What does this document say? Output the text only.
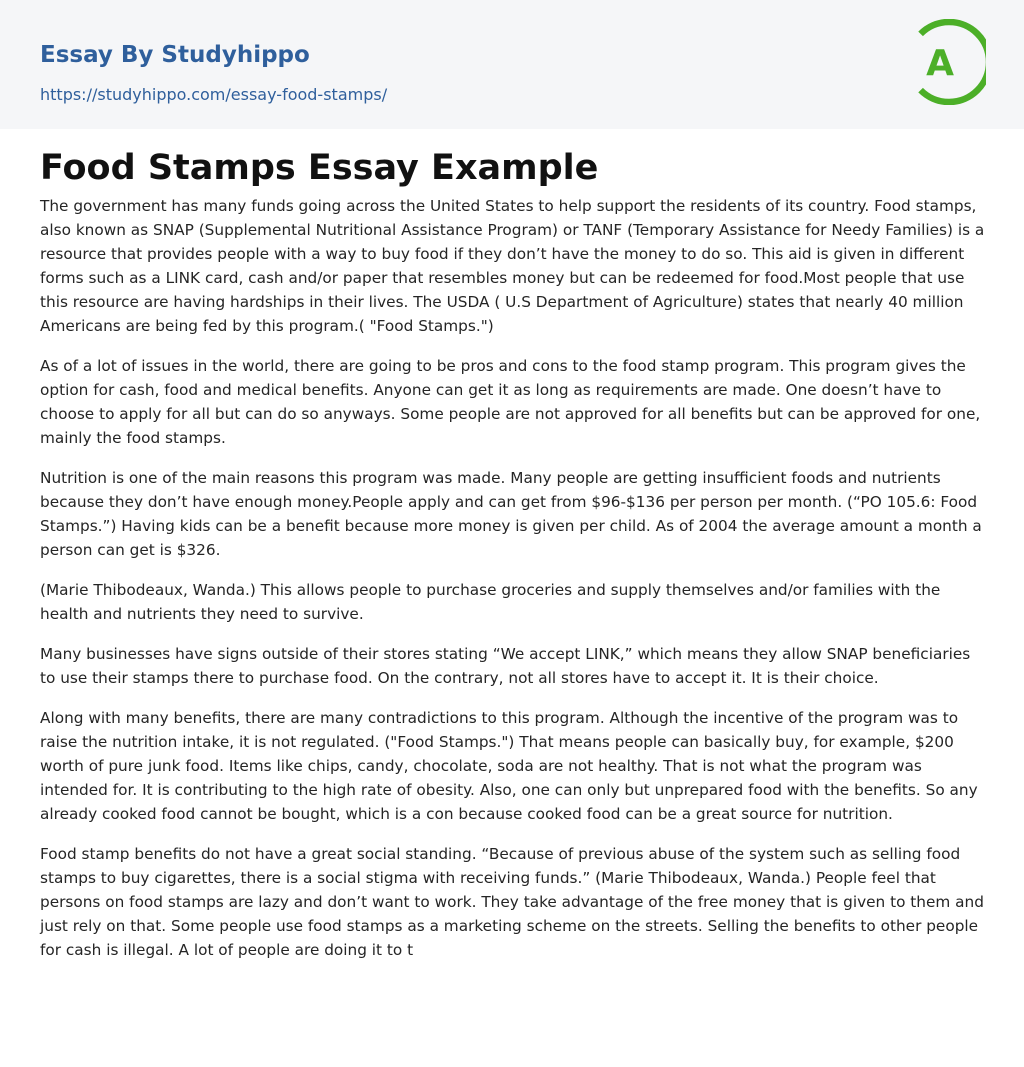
Essay By Studyhippo
https://studyhippo.com/essay-food-stamps/
A
Food Stamps Essay Example

The government has many funds going across the United States to help support the residents of its country. Food stamps, also known as SNAP (Supplemental Nutritional Assistance Program) or TANF (Temporary Assistance for Needy Families) is a resource that provides people with a way to buy food if they don’t have the money to do so. This aid is given in different forms such as a LINK card, cash and/or paper that resembles money but can be redeemed for food.Most people that use this resource are having hardships in their lives. The USDA ( U.S Department of Agriculture) states that nearly 40 million Americans are being fed by this program.( "Food Stamps.")

As of a lot of issues in the world, there are going to be pros and cons to the food stamp program. This program gives the option for cash, food and medical benefits. Anyone can get it as long as requirements are made. One doesn’t have to choose to apply for all but can do so anyways. Some people are not approved for all benefits but can be approved for one, mainly the food stamps.

Nutrition is one of the main reasons this program was made. Many people are getting insufficient foods and nutrients because they don’t have enough money.People apply and can get from $96-$136 per person per month. (“PO 105.6: Food Stamps.”) Having kids can be a benefit because more money is given per child. As of 2004 the average amount a month a person can get is $326.

(Marie Thibodeaux, Wanda.) This allows people to purchase groceries and supply themselves and/or families with the health and nutrients they need to survive.

Many businesses have signs outside of their stores stating “We accept LINK,” which means they allow SNAP beneficiaries to use their stamps there to purchase food. On the contrary, not all stores have to accept it. It is their choice.

Along with many benefits, there are many contradictions to this program. Although the incentive of the program was to raise the nutrition intake, it is not regulated. ("Food Stamps.") That means people can basically buy, for example, $200 worth of pure junk food. Items like chips, candy, chocolate, soda are not healthy. That is not what the program was intended for. It is contributing to the high rate of obesity. Also, one can only but unprepared food with the benefits. So any already cooked food cannot be bought, which is a con because cooked food can be a great source for nutrition.

Food stamp benefits do not have a great social standing. “Because of previous abuse of the system such as selling food stamps to buy cigarettes, there is a social stigma with receiving funds.” (Marie Thibodeaux, Wanda.) People feel that persons on food stamps are lazy and don’t want to work. They take advantage of the free money that is given to them and just rely on that. Some people use food stamps as a marketing scheme on the streets. Selling the benefits to other people for cash is illegal. A lot of people are doing it to t
